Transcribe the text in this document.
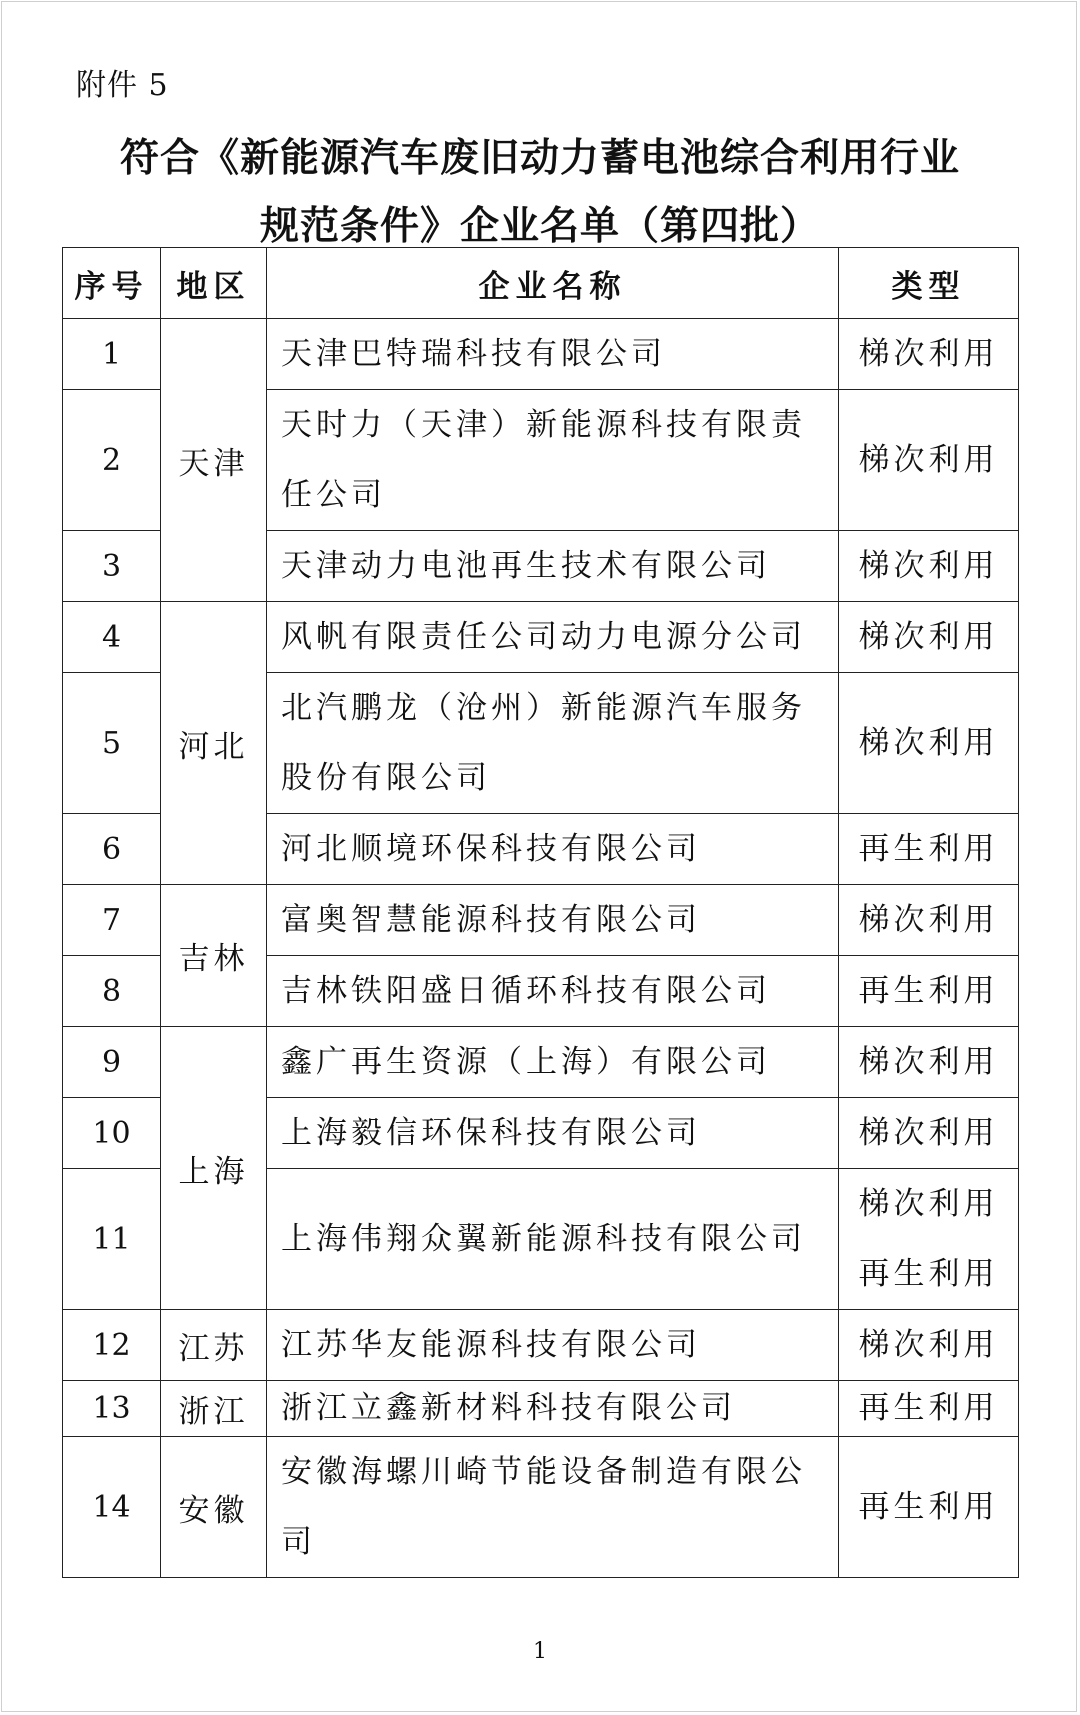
附件 5
符合《新能源汽车废旧动力蓄电池综合利用行业
规范条件》企业名单（第四批）
序号	地区	企业名称	类型
1	天津	天津巴特瑞科技有限公司	梯次利用
2		天时力（天津）新能源科技有限责
任公司	梯次利用
3		天津动力电池再生技术有限公司	梯次利用
4	河北	风帆有限责任公司动力电源分公司	梯次利用
5		北汽鹏龙（沧州）新能源汽车服务
股份有限公司	梯次利用
6		河北顺境环保科技有限公司	再生利用
7	吉林	富奥智慧能源科技有限公司	梯次利用
8		吉林铁阳盛日循环科技有限公司	再生利用
9	上海	鑫广再生资源（上海）有限公司	梯次利用
10		上海毅信环保科技有限公司	梯次利用
11		上海伟翔众翼新能源科技有限公司	梯次利用
再生利用

12	江苏	江苏华友能源科技有限公司	梯次利用
13	浙江	浙江立鑫新材料科技有限公司	再生利用
14	安徽	安徽海螺川崎节能设备制造有限公
司	再生利用
1
